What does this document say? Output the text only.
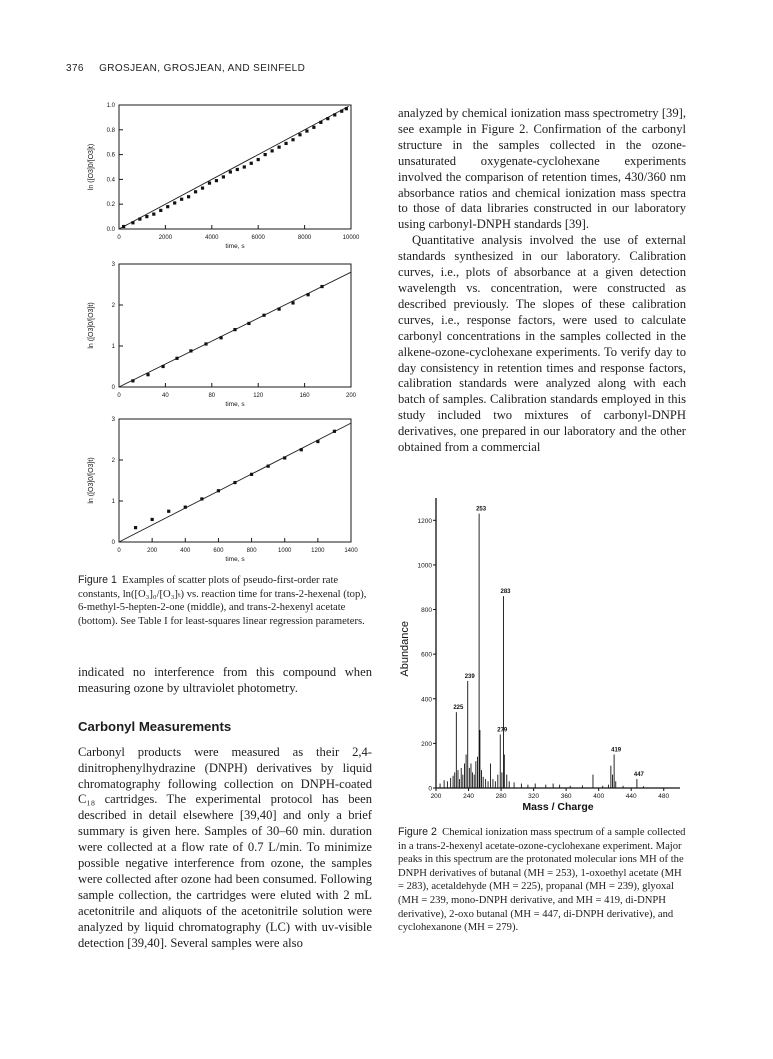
376 GROSJEAN, GROSJEAN, AND SEINFELD
0	2000	4000	6000	8000	10000
0.0
0.2
0.4
0.6
0.8
1.0
time, s
ln ([O3]0/[O3]t)
0	40	80	120	160	200
0
1
2
3
time, s
ln ([O3]0/[O3]t)
0	200	400	600	800	1000	1200	1400
0
1
2
3
time, s
ln ([O3]0/[O3]t)
Figure 1 Examples of scatter plots of pseudo-first-order rate constants, ln([O₃]₀/[O₃]ₜ) vs. reaction time for trans-2-hexenal (top), 6-methyl-5-hepten-2-one (middle), and trans-2-hexenyl acetate (bottom). See Table I for least-squares linear regression parameters.

indicated no interference from this compound when measuring ozone by ultraviolet photometry.

Carbonyl Measurements

Carbonyl products were measured as their 2,4-dinitrophenylhydrazine (DNPH) derivatives by liquid chromatography following collection on DNPH-coated C₁₈ cartridges. The experimental protocol has been described in detail elsewhere [39,40] and only a brief summary is given here. Samples of 30–60 min. duration were collected at a flow rate of 0.7 L/min. To minimize possible negative interference from ozone, the samples were collected after ozone had been consumed. Following sample collection, the cartridges were eluted with 2 mL acetonitrile and aliquots of the acetonitrile solution were analyzed by liquid chromatography (LC) with uv-visible detection [39,40]. Several samples were also

analyzed by chemical ionization mass spectrometry [39], see example in Figure 2. Confirmation of the carbonyl structure in the samples collected in the ozone-unsaturated oxygenate-cyclohexane experiments involved the comparison of retention times, 430/360 nm absorbance ratios and chemical ionization mass spectra to those of data libraries constructed in our laboratory using carbonyl-DNPH standards [39].

Quantitative analysis involved the use of external standards synthesized in our laboratory. Calibration curves, i.e., plots of absorbance at a given detection wavelength vs. concentration, were constructed as described previously. The slopes of these calibration curves, i.e., response factors, were used to calculate carbonyl concentrations in the samples collected in the alkene-ozone-cyclohexane experiments. To verify day to day consistency in retention times and response factors, calibration standards were analyzed along with each batch of samples. Calibration standards employed in this study included two mixtures of carbonyl-DNPH derivatives, one prepared in our laboratory and the other obtained from a commercial

0
200
400
600
800
1000
1200
200	240	280	320	360	400	440	480
253
283
239
225
279
419
447
Mass / Charge
Abundance
Figure 2 Chemical ionization mass spectrum of a sample collected in a trans-2-hexenyl acetate-ozone-cyclohexane experiment. Major peaks in this spectrum are the protonated molecular ions MH of the DNPH derivatives of butanal (MH = 253), 1-oxoethyl acetate (MH = 283), acetaldehyde (MH = 225), propanal (MH = 239), glyoxal (MH = 239, mono-DNPH derivative, and MH = 419, di-DNPH derivative), 2-oxo butanal (MH = 447, di-DNPH derivative), and cyclohexanone (MH = 279).
